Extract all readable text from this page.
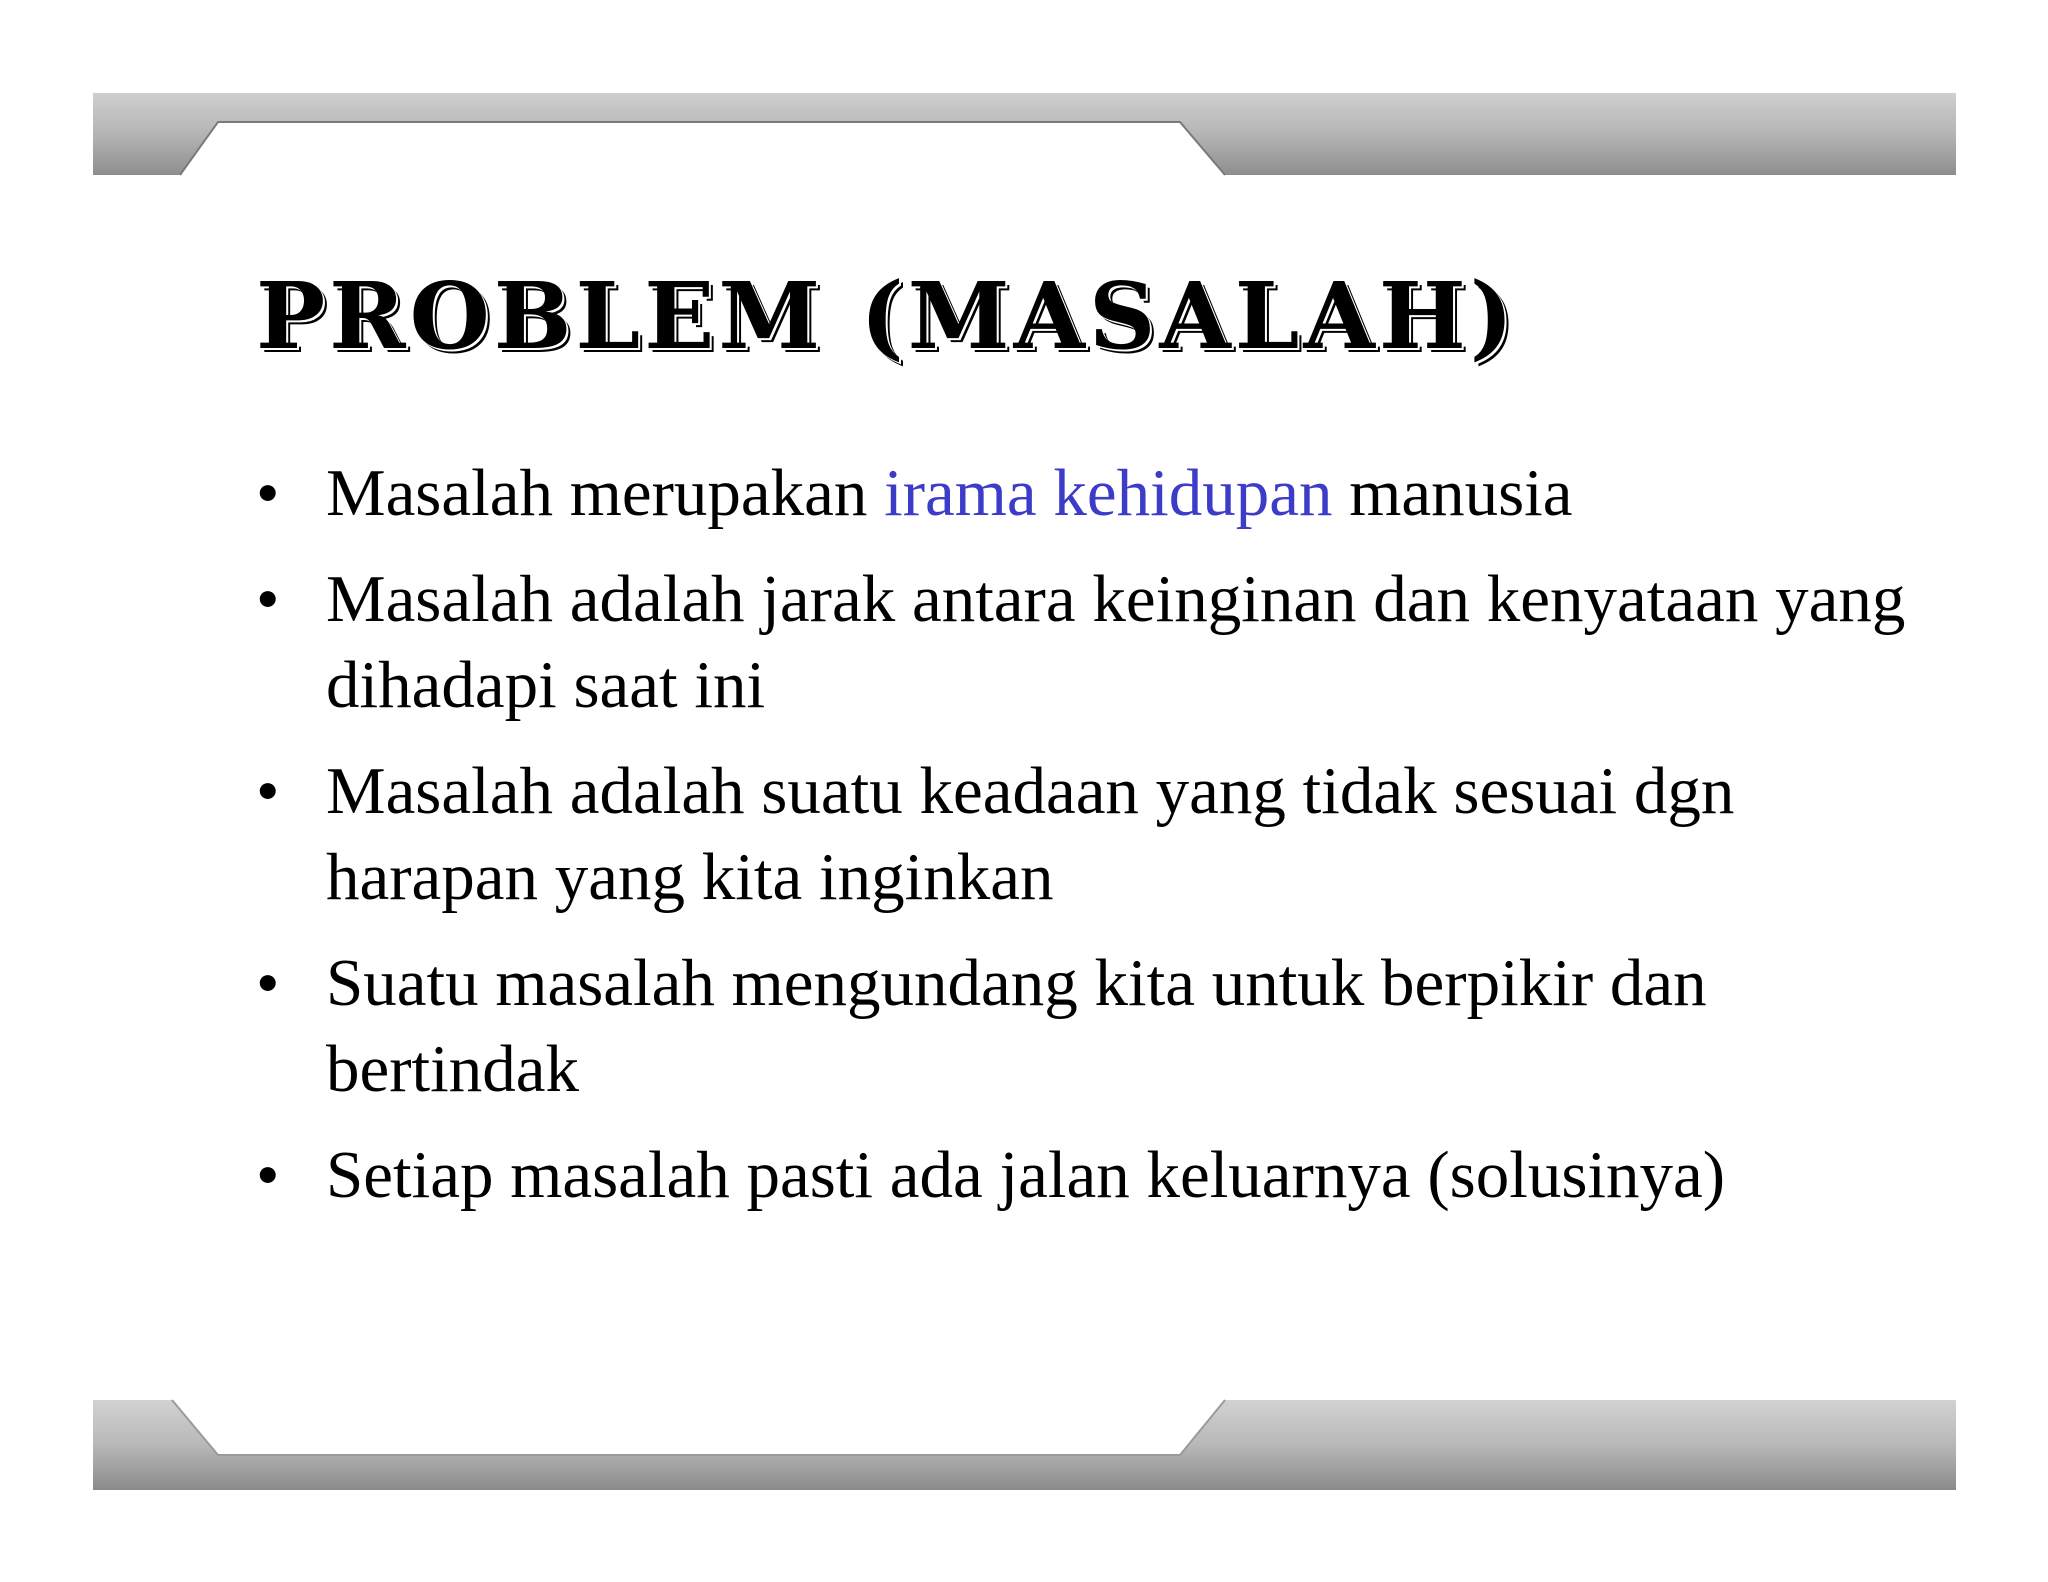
PROBLEM (MASALAH)
• Masalah merupakan irama kehidupan manusia
• Masalah adalah jarak antara keinginan dan kenyataan yang dihadapi saat ini
• Masalah adalah suatu keadaan yang tidak sesuai dgn harapan yang kita inginkan
• Suatu masalah mengundang kita untuk berpikir dan bertindak
• Setiap masalah pasti ada jalan keluarnya (solusinya)
